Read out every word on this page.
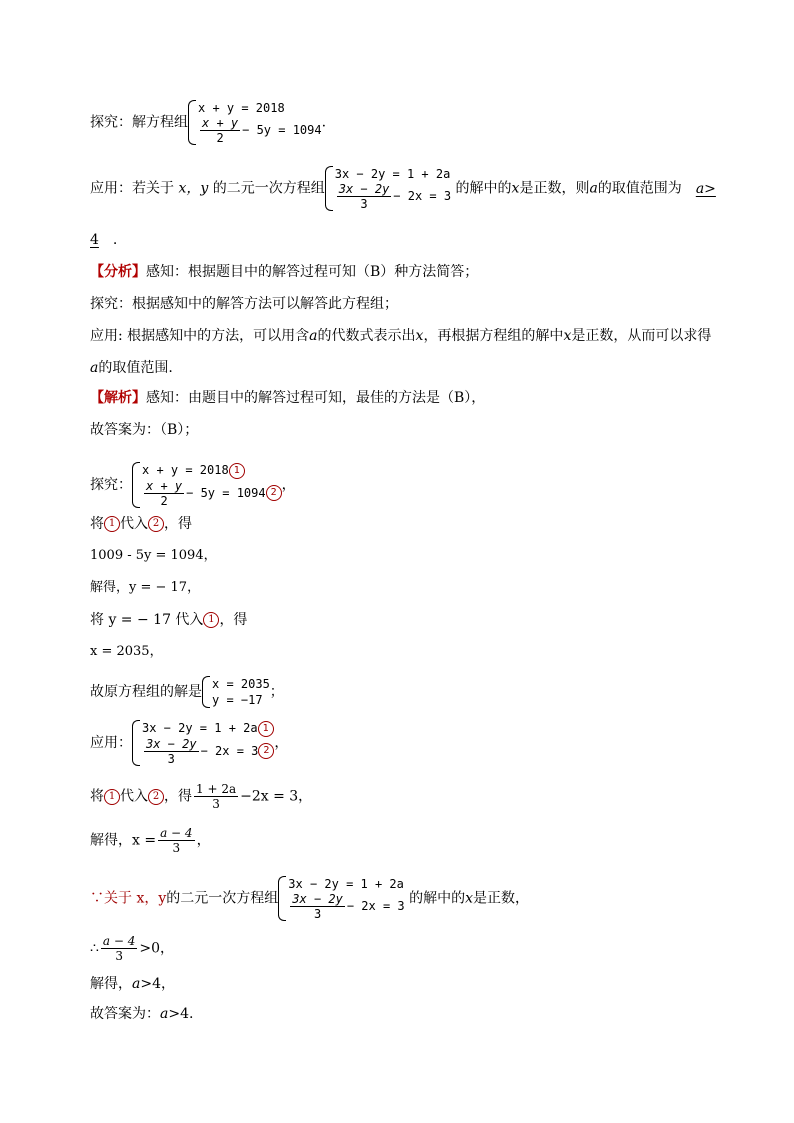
探究：解方程组
x + y = 2018
$\frac{x + y}{2} - 5y = 1094$ .
应用：若关于 x，y 的二元一次方程组
3x − 2y = 1 + 2a
$\frac{3x - 2y}{3} - 2x = 3$ 的解中的x是正数，则a的取值范围为 a>
4 .
【分析】感知：根据题目中的解答过程可知（B）种方法简答；
探究：根据感知中的解答方法可以解答此方程组；
应用: 根据感知中的方法，可以用含a的代数式表示出x，再根据方程组的解中x是正数，从而可以求得
a的取值范围.
【解析】感知：由题目中的解答过程可知，最佳的方法是（B），
故答案为：（B）；
探究：
x + y = 2018 1
$\frac{x + y}{2} - 5y = 1094$ 2 ，
将 1 代入 2 ，得
1009 - 5y = 1094，
解得，y = − 17，
将 y = − 17 代入 1 ，得
x = 2035，
故原方程组的解是 x = 2035
y = −17 ；
应用：
3x − 2y = 1 + 2a 1
$\frac{3x - 2y}{3} - 2x = 3$ 2 ，
将 1 代入 2 ，得 $\frac{1 + 2a}{3} -2x = 3$，
解得，$x = \frac{a - 4}{3}$ ，
∵关于 x，y的二元一次方程组
3x − 2y = 1 + 2a
$\frac{3x - 2y}{3} - 2x = 3$ 的解中的x是正数，
∴ $\frac{a - 4}{3} >0$，
解得，a>4，
故答案为：a>4.
